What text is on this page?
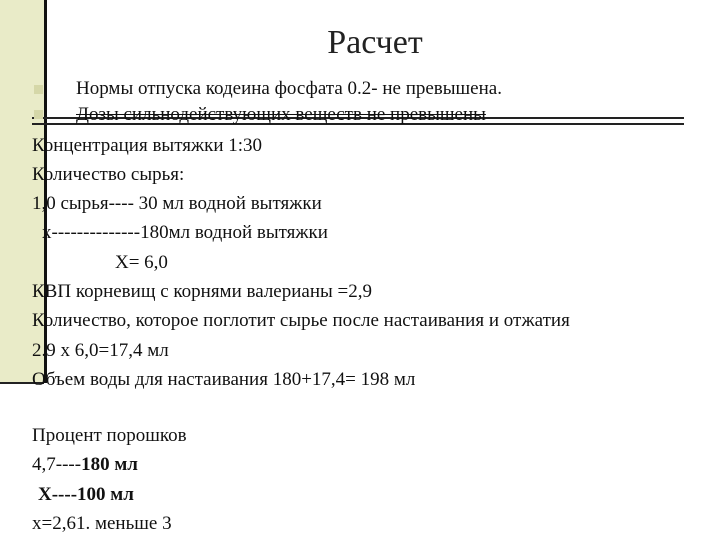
Расчет
Нормы отпуска кодеина фосфата 0.2- не превышена.
Дозы сильнодействующих веществ не превышены
Концентрация вытяжки 1:30
Количество сырья:
1,0 сырья---- 30 мл водной вытяжки
х--------------180мл водной вытяжки
Х= 6,0
КВП корневищ с корнями валерианы =2,9
Количество, которое поглотит сырье после настаивания и отжатия
2.9 х 6,0=17,4 мл
Объем воды для настаивания 180+17,4= 198 мл
Процент порошков
4,7----180 мл
Х----100 мл
х=2,61. меньше 3
